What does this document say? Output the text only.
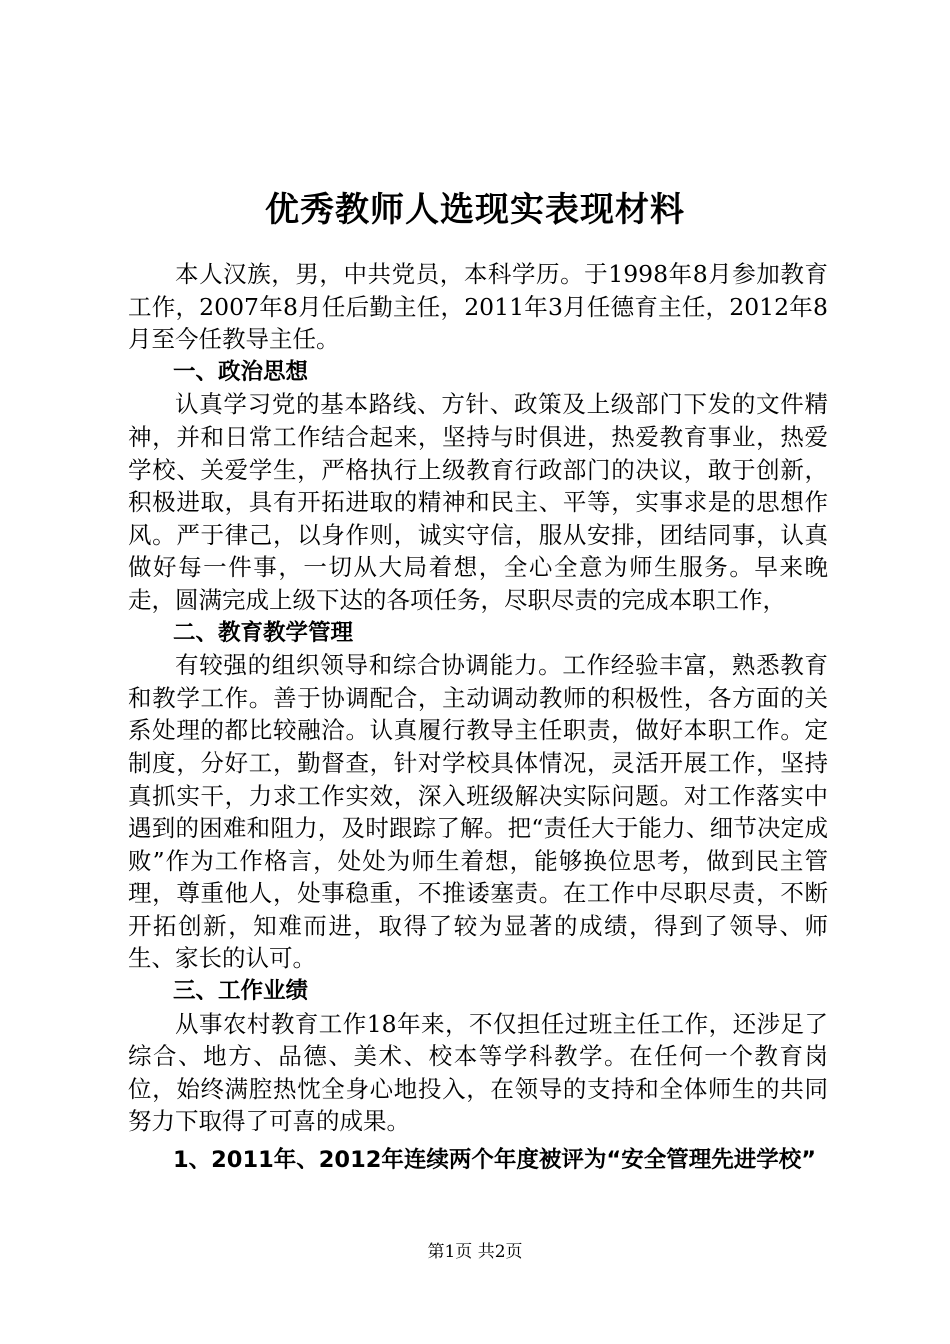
优秀教师人选现实表现材料

本人汉族，男，中共党员，本科学历。于1998年8月参加教育工作，2007年8月任后勤主任，2011年3月任德育主任，2012年8月至今任教导主任。

一、政治思想

认真学习党的基本路线、方针、政策及上级部门下发的文件精神，并和日常工作结合起来，坚持与时俱进，热爱教育事业，热爱学校、关爱学生，严格执行上级教育行政部门的决议，敢于创新，积极进取，具有开拓进取的精神和民主、平等，实事求是的思想作风。严于律己，以身作则，诚实守信，服从安排，团结同事，认真做好每一件事，一切从大局着想，全心全意为师生服务。早来晚走，圆满完成上级下达的各项任务，尽职尽责的完成本职工作，

二、教育教学管理

有较强的组织领导和综合协调能力。工作经验丰富，熟悉教育和教学工作。善于协调配合，主动调动教师的积极性，各方面的关系处理的都比较融洽。认真履行教导主任职责，做好本职工作。定制度，分好工，勤督查，针对学校具体情况，灵活开展工作，坚持真抓实干，力求工作实效，深入班级解决实际问题。对工作落实中遇到的困难和阻力，及时跟踪了解。把“责任大于能力、细节决定成败”作为工作格言，处处为师生着想，能够换位思考，做到民主管理，尊重他人，处事稳重，不推诿塞责。在工作中尽职尽责，不断开拓创新，知难而进，取得了较为显著的成绩，得到了领导、师生、家长的认可。

三、工作业绩

从事农村教育工作18年来，不仅担任过班主任工作，还涉足了综合、地方、品德、美术、校本等学科教学。在任何一个教育岗位，始终满腔热忱全身心地投入，在领导的支持和全体师生的共同努力下取得了可喜的成果。

1、2011年、2012年连续两个年度被评为“安全管理先进学校”

第1页 共2页
